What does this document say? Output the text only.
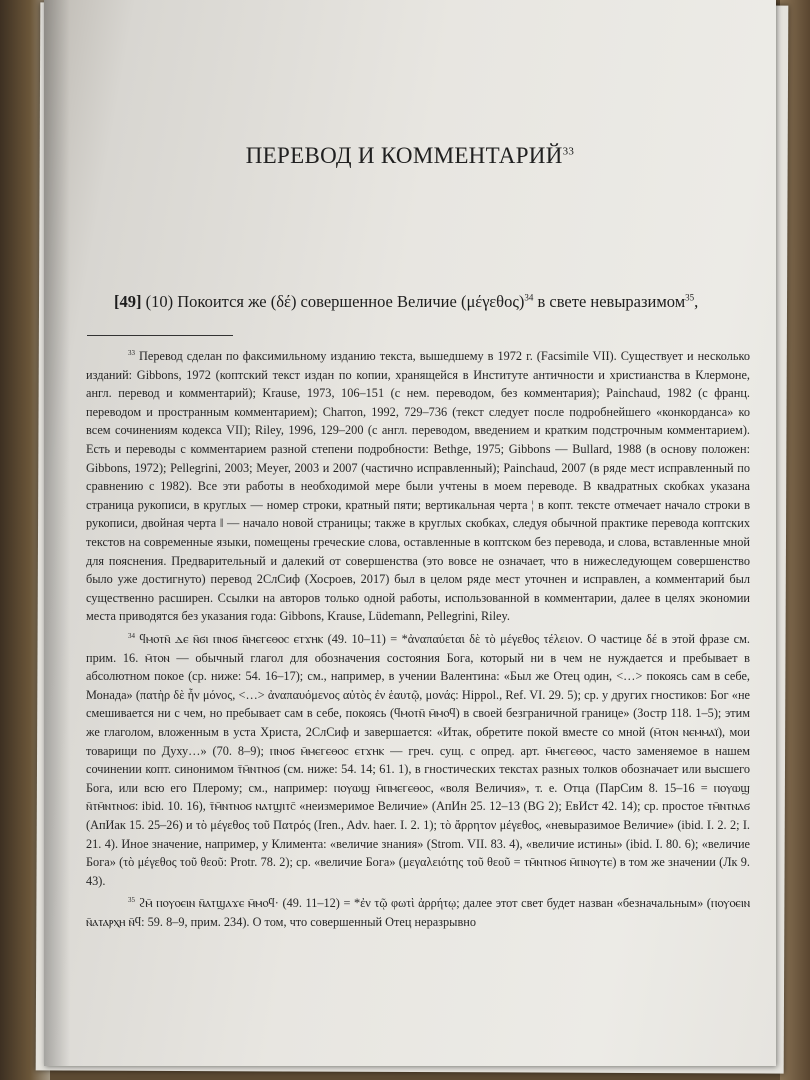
ПЕРЕВОД И КОММЕНТАРИЙ$^{33}$
[49] (10) Покоится же (δέ) совершенное Величие $(\mu έ\gamma\varepsilon\theta o\varsigma)^{34}$ в свете невыразимом$^{35}$,

$^{33}$ Перевод сделан по факсимильному изданию текста, вышедшему в 1972 г. (Facsimile VII). Существует и несколько изданий: Gibbons, 1972 (коптский текст издан по копии, хранящейся в Институте античности и христианства в Клермоне, англ. перевод и комментарий); Krause, 1973, 106–151 (с нем. переводом, без комментария); Painchaud, 1982 (с франц. переводом и пространным комментарием); Charron, 1992, 729–736 (текст следует после подробнейшего «конкорданса» ко всем сочинениям кодекса VII); Riley, 1996, 129–200 (с англ. переводом, введением и кратким подстрочным комментарием). Есть и переводы с комментарием разной степени подробности: Bethge, 1975; Gibbons — Bullard, 1988 (в основу положен: Gibbons, 1972); Pellegrini, 2003; Meyer, 2003 и 2007 (частично исправленный); Painchaud, 2007 (в ряде мест исправленный по сравнению с 1982). Все эти работы в необходимой мере были учтены в моем переводе. В квадратных скобках указана страница рукописи, в круглых — номер строки, кратный пяти; вертикальная черта ¦ в копт. тексте отмечает начало строки в рукописи, двойная черта ‖ — начало новой страницы; также в круглых скобках, следуя обычной практике перевода коптских текстов на современные языки, помещены греческие слова, оставленные в коптском без перевода, и слова, вставленные мной для пояснения. Предварительный и далекий от совершенства (это вовсе не означает, что в нижеследующем совершенство было уже достигнуто) перевод 2СлСиф (Хосроев, 2017) был в целом ряде мест уточнен и исправлен, а комментарий был существенно расширен. Ссылки на авторов только одной работы, использованной в комментарии, далее в целях экономии места приводятся без указания года: Gibbons, Krause, Lüdemann, Pellegrini, Riley.

$^{34}$ ϥⲙⲟⲧⲛ̄ ⲇⲉ ⲛ̄ϭⲓ ⲡⲛⲟϭ ⲛ̄ⲙⲉⲅⲉⲑⲟⲥ ⲉⲧϫⲏⲕ (49. 10–11) = *ἀναπαύεται δὲ τὸ μέγεθος τέλειον. О частице δέ в этой фразе см. прим. 16. ⲙ̄ⲧⲟⲛ — обычный глагол для обозначения состояния Бога, который ни в чем не нуждается и пребывает в абсолютном покое (ср. ниже: 54. 16–17); см., например, в учении Валентина: «Был же Отец один, <…> покоясь сам в себе, Монада» (πατὴρ δὲ ἦν μόνος, <…> ἀναπαυόμενος αὐτὸς ἐν ἑαυτῷ, μονάς: Hippol., Ref. VI. 29. 5); ср. у других гностиков: Бог «не смешивается ни с чем, но пребывает сам в себе, покоясь (ϥⲙⲟⲧⲛ̄ ⲙ̄ⲙⲟϥ) в своей безграничной границе» (Зостр 118. 1–5); этим же глаголом, вложенным в уста Христа, 2СлСиф и завершается: «Итак, обретите покой вместе со мной (ⲙ̄ⲧⲟⲛ ⲛⲉⲙⲙⲁⲓ̈), мои товарищи по Духу…» (70. 8–9); ⲡⲛⲟϭ ⲙ̄ⲙⲉⲅⲉⲑⲟⲥ ⲉⲧϫⲏⲕ — греч. сущ. с опред. арт. ⲙ̄ⲙⲉⲅⲉⲑⲟⲥ, часто заменяемое в нашем сочинении копт. синонимом ⲧ̄ⲙ̄ⲛⲧⲛⲟϭ (см. ниже: 54. 14; 61. 1), в гностических текстах разных толков обозначает или высшего Бога, или всю его Плерому; см., например: ⲡⲟⲩⲱϣ ⲙ̄ⲡⲙⲉⲅⲉⲑⲟⲥ, «воля Величия», т. е. Отца (ПарСим 8. 15–16 = ⲡⲟⲩⲱϣ ⲛ̄ⲧⲙ̄ⲛⲧⲛⲟϭ: ibid. 10. 16), ⲧ̄ⲙ̄ⲛⲧⲛⲟϭ ⲛⲁⲧϣⲓⲧⲥ̄ «неизмеримое Величие» (АпИн 25. 12–13 (BG 2); ЕвИст 42. 14); ср. простое ⲧⲙ̄ⲛⲧⲛⲁϭ (АпИак 15. 25–26) и τὸ μέγεθος τοῦ Πατρός (Iren., Adv. haer. I. 2. 1); τὸ ἄρρητον μέγεθος, «невыразимое Величие» (ibid. I. 2. 2; I. 21. 4). Иное значение, например, у Климента: «величие знания» (Strom. VII. 83. 4), «величие истины» (ibid. I. 80. 6); «величие Бога» (τὸ μέγεθος τοῦ θεοῦ: Protr. 78. 2); ср. «величие Бога» (μεγαλειότης τοῦ θεοῦ = ⲧⲙ̄ⲛⲧⲛⲟϭ ⲙ̄ⲡⲛⲟⲩⲧⲉ) в том же значении (Лк 9. 43).

$^{35}$ ϩⲙ̄ ⲡⲟⲩⲟⲉⲓⲛ ⲛ̄ⲁⲧϣⲁϫⲉ ⲙ̄ⲙⲟϥ· (49. 11–12) = *ἐν τῷ φωτὶ ἀρρήτῳ; далее этот свет будет назван «безначальным» (ⲡⲟⲩⲟⲉⲓⲛ ⲛ̄ⲁⲧⲁⲣⲭⲏ ⲛ̄ϥ: 59. 8–9, прим. 234). О том, что совершенный Отец неразрывно
